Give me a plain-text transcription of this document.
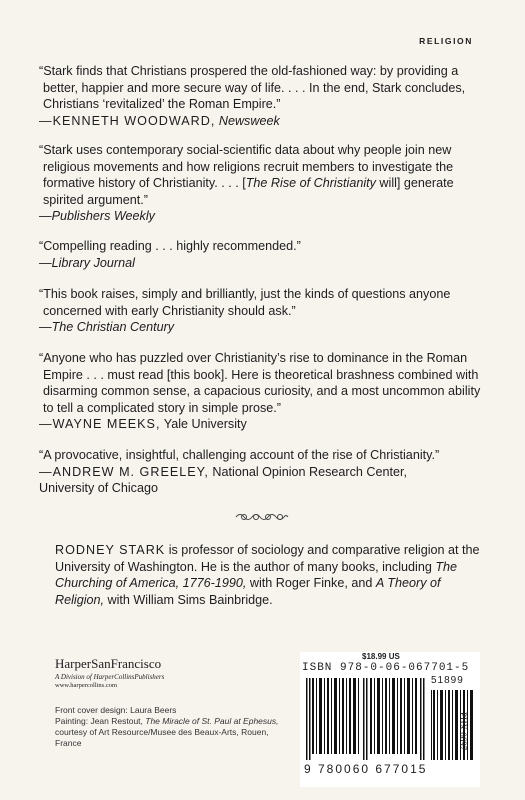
RELIGION

“Stark finds that Christians prospered the old-fashioned way: by providing a better, happier and more secure way of life. . . . In the end, Stark concludes, Christians ‘revitalized’ the Roman Empire.”

—KENNETH WOODWARD, Newsweek

“Stark uses contemporary social-scientific data about why people join new religious movements and how religions recruit members to investigate the formative history of Christianity. . . . [The Rise of Christianity will] generate spirited argument.”

—Publishers Weekly

“Compelling reading . . . highly recommended.”

—Library Journal

“This book raises, simply and brilliantly, just the kinds of questions anyone concerned with early Christianity should ask.”

—The Christian Century

“Anyone who has puzzled over Christianity’s rise to dominance in the Roman Empire . . . must read [this book]. Here is theoretical brashness combined with disarming common sense, a capacious curiosity, and a most uncommon ability to tell a complicated story in simple prose.”

—WAYNE MEEKS, Yale University

“A provocative, insightful, challenging account of the rise of Christianity.”

—ANDREW M. GREELEY, National Opinion Research Center,

University of Chicago

RODNEY STARK is professor of sociology and comparative religion at the University of Washington. He is the author of many books, including The Churching of America, 1776-1990, with Roger Finke, and A Theory of Religion, with William Sims Bainbridge.

HarperSanFrancisco
A Division of HarperCollinsPublishers
www.harpercollins.com

Front cover design: Laura Beers

Painting: Jean Restout, The Miracle of St. Paul at Ephesus, courtesy of Art Resource/Musee des Beaux-Arts, Rouen, France

$18.99 US
ISBN 978-0-06-067701-5
51899
9 780060 677015
PHX 0697
